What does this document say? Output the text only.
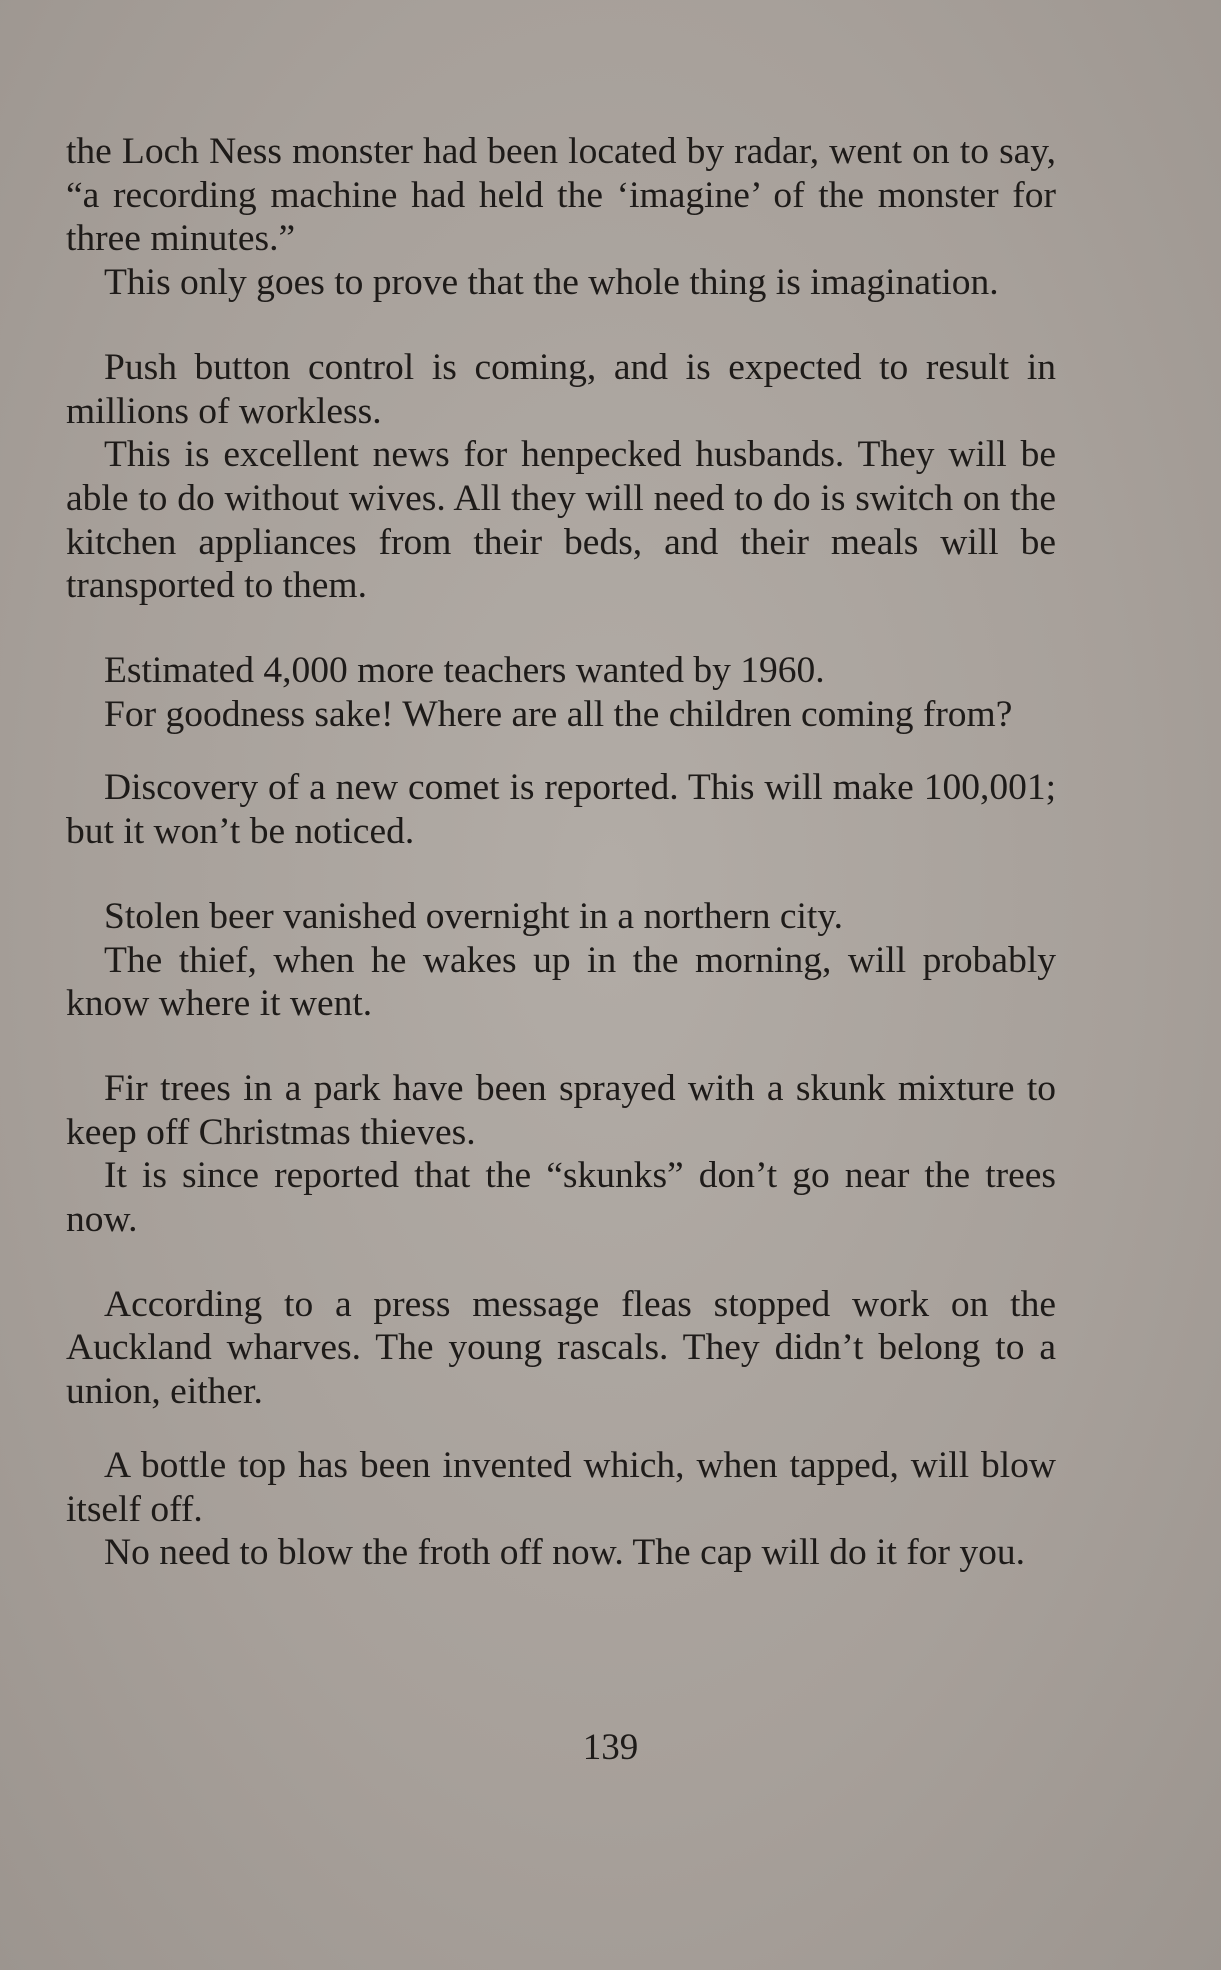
the Loch Ness monster had been located by radar, went on to say, “a recording machine had held the ‘imagine’ of the monster for three minutes.”

This only goes to prove that the whole thing is imagination.

Push button control is coming, and is expected to result in millions of workless.

This is excellent news for henpecked husbands. They will be able to do without wives. All they will need to do is switch on the kitchen appliances from their beds, and their meals will be transported to them.

Estimated 4,000 more teachers wanted by 1960.

For goodness sake! Where are all the children coming from?

Discovery of a new comet is reported. This will make 100,001; but it won’t be noticed.

Stolen beer vanished overnight in a northern city.

The thief, when he wakes up in the morning, will probably know where it went.

Fir trees in a park have been sprayed with a skunk mixture to keep off Christmas thieves.

It is since reported that the “skunks” don’t go near the trees now.

According to a press message fleas stopped work on the Auckland wharves. The young rascals. They didn’t belong to a union, either.

A bottle top has been invented which, when tapped, will blow itself off.

No need to blow the froth off now. The cap will do it for you.

139
